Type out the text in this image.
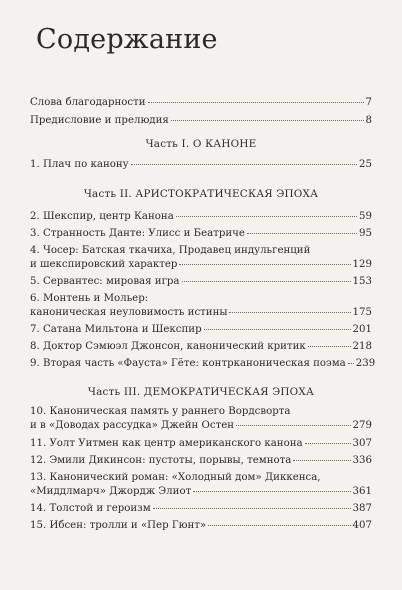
Содержание
Слова благодарности	7
Предисловие и прелюдия	8
Часть I. О КАНОНЕ
1. Плач по канону	25
Часть II. АРИСТОКРАТИЧЕСКАЯ ЭПОХА
2. Шекспир, центр Канона	59
3. Странность Данте: Улисс и Беатриче	95
4. Чосер: Батская ткачиха, Продавец индульгенций
и шекспировский характер	129
5. Сервантес: мировая игра	153
6. Монтень и Мольер:
каноническая неуловимость истины	175
7. Сатана Мильтона и Шекспир	201
8. Доктор Сэмюэл Джонсон, канонический критик	218
9. Вторая часть «Фауста» Гёте: контрканоническая поэма 239
Часть III. ДЕМОКРАТИЧЕСКАЯ ЭПОХА
10. Каноническая память у раннего Вордсворта
и в «Доводах рассудка» Джейн Остен	279
11. Уолт Уитмен как центр американского канона	307
12. Эмили Дикинсон: пустоты, порывы, темнота	336
13. Канонический роман: «Холодный дом» Диккенса,
«Миддлмарч» Джордж Элиот	361
14. Толстой и героизм	387
15. Ибсен: тролли и «Пер Гюнт»	407
